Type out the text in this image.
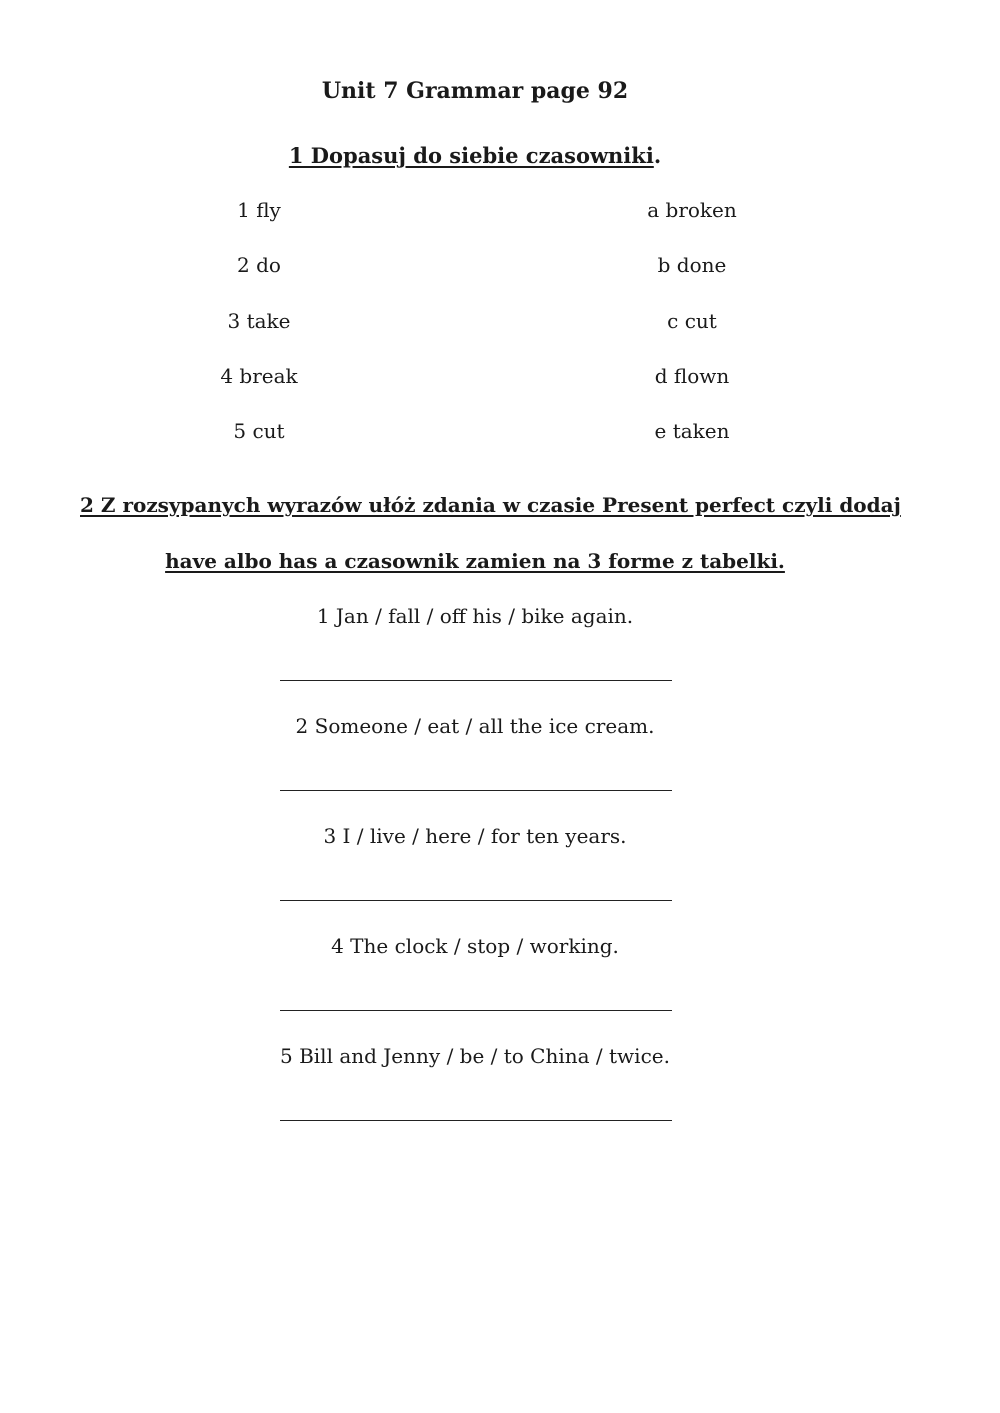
Unit 7 Grammar page 92
1 Dopasuj do siebie czasowniki.
1 fly
2 do
3 take
4 break
5 cut
a broken
b done
c cut
d flown
e taken
2 Z rozsypanych wyrazów ułóż zdania w czasie Present perfect czyli dodaj
have albo has a czasownik zamien na 3 forme z tabelki.
1 Jan / fall / off his / bike again.
2 Someone / eat / all the ice cream.
3 I / live / here / for ten years.
4 The clock / stop / working.
5 Bill and Jenny / be / to China / twice.
